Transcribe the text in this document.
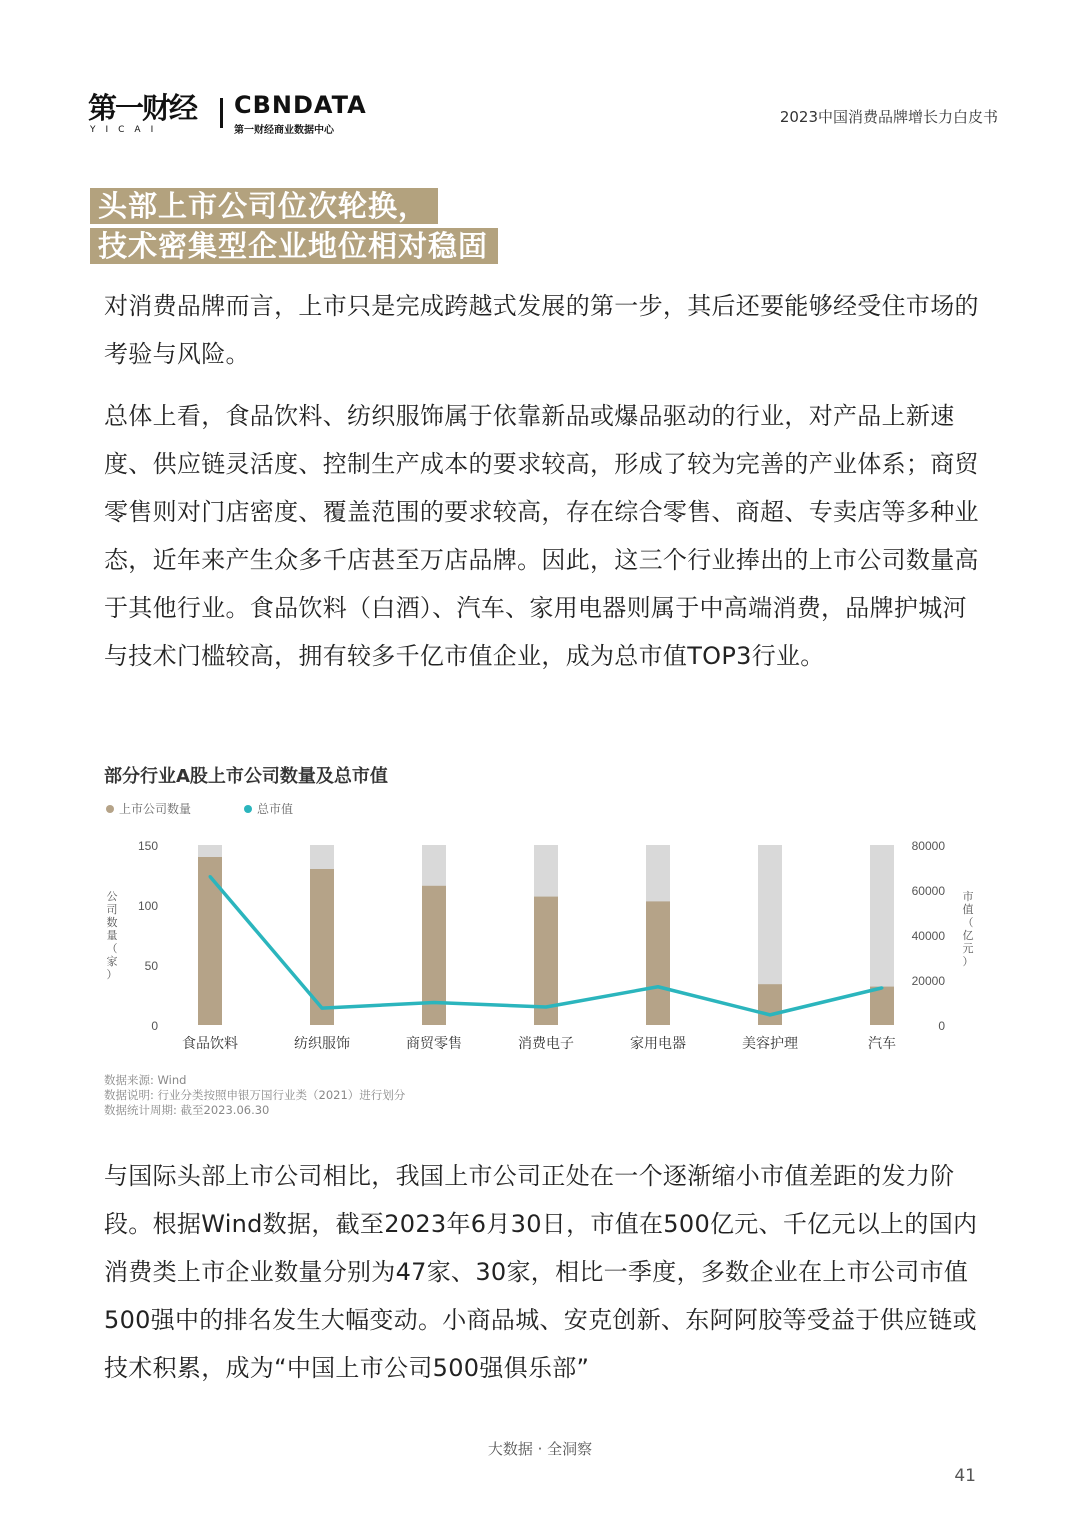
第一财经
YICAI
CBNDATA
第一财经商业数据中心
2023中国消费品牌增长力白皮书
头部上市公司位次轮换，
技术密集型企业地位相对稳固

对消费品牌而言，上市只是完成跨越式发展的第一步，其后还要能够经受住市场的考验与风险。

总体上看，食品饮料、纺织服饰属于依靠新品或爆品驱动的行业，对产品上新速度、供应链灵活度、控制生产成本的要求较高，形成了较为完善的产业体系；商贸零售则对门店密度、覆盖范围的要求较高，存在综合零售、商超、专卖店等多种业态，近年来产生众多千店甚至万店品牌。因此，这三个行业捧出的上市公司数量高于其他行业。食品饮料（白酒）、汽车、家用电器则属于中高端消费，品牌护城河与技术门槛较高，拥有较多千亿市值企业，成为总市值TOP3行业。

部分行业A股上市公司数量及总市值
上市公司数量	总市值
食品饮料	纺织服饰	商贸零售	消费电子	家用电器	美容护理	汽车
0
50
100
150
0
20000
40000
60000
80000
公
司
数
量
（
家
）
市
值
（
亿
元
）
数据来源: Wind
数据说明: 行业分类按照申银万国行业类（2021）进行划分
数据统计周期: 截至2023.06.30

与国际头部上市公司相比，我国上市公司正处在一个逐渐缩小市值差距的发力阶段。根据Wind数据，截至2023年6月30日，市值在500亿元、千亿元以上的国内消费类上市企业数量分别为47家、30家，相比一季度，多数企业在上市公司市值500强中的排名发生大幅变动。小商品城、安克创新、东阿阿胶等受益于供应链或技术积累，成为“中国上市公司500强俱乐部”

大数据 · 全洞察
41
